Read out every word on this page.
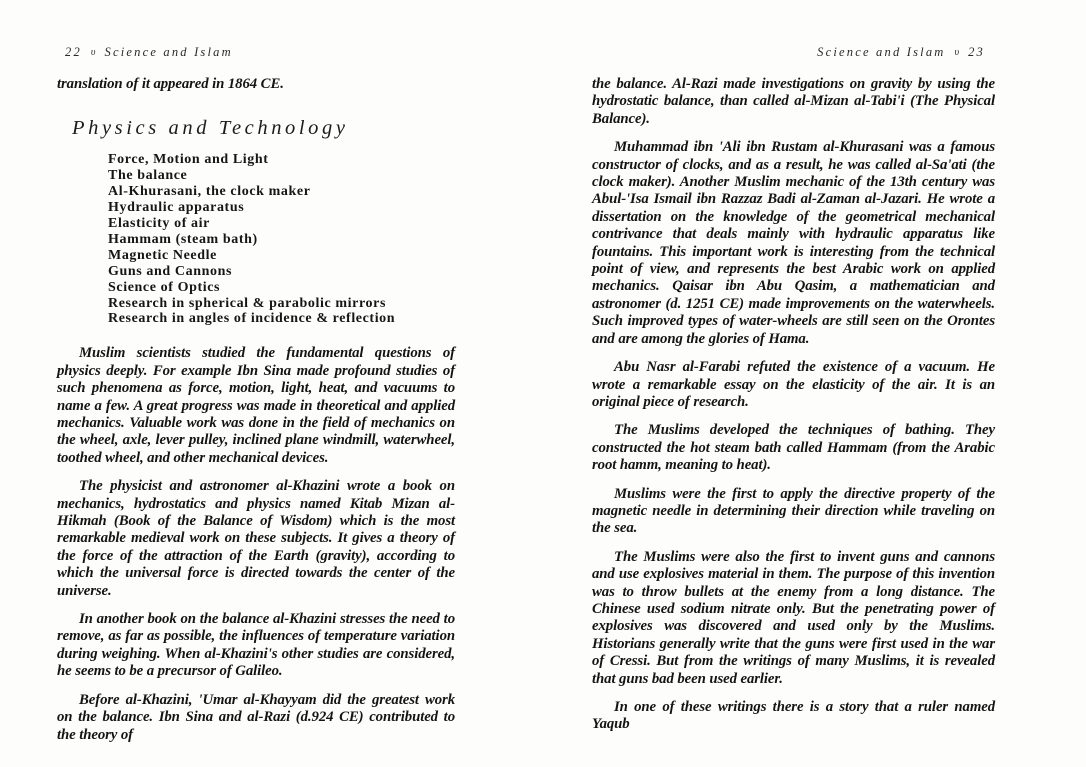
22 υ Science and Islam

translation of it appeared in 1864 CE.

Physics and Technology
Force, Motion and Light
The balance
Al-Khurasani, the clock maker
Hydraulic apparatus
Elasticity of air
Hammam (steam bath)
Magnetic Needle
Guns and Cannons
Science of Optics
Research in spherical & parabolic mirrors
Research in angles of incidence & reflection

Muslim scientists studied the fundamental questions of physics deeply. For example Ibn Sina made profound studies of such phenomena as force, motion, light, heat, and vacuums to name a few. A great progress was made in theoretical and applied mechanics. Valuable work was done in the field of mechanics on the wheel, axle, lever pulley, inclined plane windmill, waterwheel, toothed wheel, and other mechanical devices.

The physicist and astronomer al-Khazini wrote a book on mechanics, hydrostatics and physics named Kitab Mizan al-Hikmah (Book of the Balance of Wisdom) which is the most remarkable medieval work on these subjects. It gives a theory of the force of the attraction of the Earth (gravity), according to which the universal force is directed towards the center of the universe.

In another book on the balance al-Khazini stresses the need to remove, as far as possible, the influences of temperature variation during weighing. When al-Khazini's other studies are considered, he seems to be a precursor of Galileo.

Before al-Khazini, 'Umar al-Khayyam did the greatest work on the balance. Ibn Sina and al-Razi (d.924 CE) contributed to the theory of

Science and Islam υ 23

the balance. Al-Razi made investigations on gravity by using the hydrostatic balance, than called al-Mizan al-Tabi'i (The Physical Balance).

Muhammad ibn 'Ali ibn Rustam al-Khurasani was a famous constructor of clocks, and as a result, he was called al-Sa'ati (the clock maker). Another Muslim mechanic of the 13th century was Abul-'Isa Ismail ibn Razzaz Badi al-Zaman al-Jazari. He wrote a dissertation on the knowledge of the geometrical mechanical contrivance that deals mainly with hydraulic apparatus like fountains. This important work is interesting from the technical point of view, and represents the best Arabic work on applied mechanics. Qaisar ibn Abu Qasim, a mathematician and astronomer (d. 1251 CE) made improvements on the waterwheels. Such improved types of water-wheels are still seen on the Orontes and are among the glories of Hama.

Abu Nasr al-Farabi refuted the existence of a vacuum. He wrote a remarkable essay on the elasticity of the air. It is an original piece of research.

The Muslims developed the techniques of bathing. They constructed the hot steam bath called Hammam (from the Arabic root hamm, meaning to heat).

Muslims were the first to apply the directive property of the magnetic needle in determining their direction while traveling on the sea.

The Muslims were also the first to invent guns and cannons and use explosives material in them. The purpose of this invention was to throw bullets at the enemy from a long distance. The Chinese used sodium nitrate only. But the penetrating power of explosives was discovered and used only by the Muslims. Historians generally write that the guns were first used in the war of Cressi. But from the writings of many Muslims, it is revealed that guns bad been used earlier.

In one of these writings there is a story that a ruler named Yaqub
